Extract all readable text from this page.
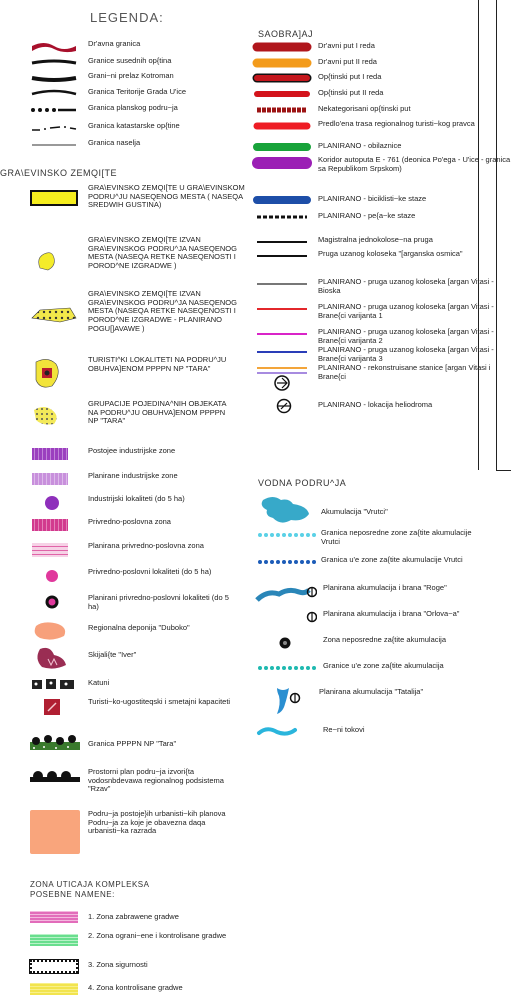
LEGENDA:
Dr'avna granica
Granice susednih op{tina
Grani~ni prelaz Kotroman
Granica Teritorije Grada U'ice
Granica planskog podru~ja
Granica katastarske op{tine
Granica naselja
GRA\EVINSKO ZEMQI[TE
GRA\EVINSKO ZEMQI[TE U GRA\EVINSKOM PODRU^JU NASEQENOG MESTA ( NASEQA SREDWIH GUSTINA)
GRA\EVINSKO ZEMQI[TE IZVAN GRA\EVINSKOG PODRU^JA NASEQENOG MESTA (NASEQA RETKE NASEQENOSTI I POROD^NE IZGRADWE )
GRA\EVINSKO ZEMQI[TE IZVAN GRA\EVINSKOG PODRU^JA NASEQENOG MESTA (NASEQA RETKE NASEQENOSTI I POROD^NE IZGRADWE - PLANIRANO POGU[]AVAWE )
TURISTI^KI LOKALITETI NA PODRU^JU OBUHVA]ENOM PPPPN NP "TARA"
GRUPACIJE POJEDINA^NIH OBJEKATA NA PODRU^JU OBUHVA]ENOM PPPPN NP "TARA"
Postojee industrijske zone
Planirane industrijske zone
Industrijski lokaliteti (do 5 ha)
Privredno-poslovna zona
Planirana privredno-poslovna zona
Privredno-poslovni lokaliteti (do 5 ha)
Planirani privredno-poslovni lokaliteti (do 5 ha)
Regionalna deponija "Duboko"
Skijali{te "Iver"
Katuni
Turisti~ko-ugostiteqski i smetajni kapaciteti
Granica PPPPN NP "Tara"
Prostorni plan podru~ja izvori{ta vodosnbdevawa regionalnog podsistema "Rzav"
Podru~ja postoje}ih urbanisti~kih planova Podru~ja za koje je obavezna daqa urbanisti~ka razrada
ZONA UTICAJA KOMPLEKSA
POSEBNE NAMENE:
1. Zona zabrawene gradwe
2. Zona ograni~ene i kontrolisane gradwe
3. Zona sigurnosti
4. Zona kontrolisane gradwe
SAOBRA]AJ
Dr'avni put I reda
Dr'avni put II reda
Op{tinski put I reda
Op{tinski put II reda
Nekategorisani op{tinski put
Predlo'ena trasa regionalnog turisti~kog pravca
PLANIRANO - obilaznice
Koridor autoputa E - 761 (deonica Po'ega - U'ice - granica sa Republikom Srpskom)
PLANIRANO - biciklisti~ke staze
PLANIRANO - pe{a~ke staze
Magistralna jednokolose~na pruga
Pruga uzanog koloseka "[arganska osmica"
PLANIRANO - pruga uzanog koloseka [argan Vitasi - Bioska
PLANIRANO - pruga uzanog koloseka [argan Vitasi - Brane{ci varijanta 1
PLANIRANO - pruga uzanog koloseka [argan Vitasi - Brane{ci varijanta 2
PLANIRANO - pruga uzanog koloseka [argan Vitasi - Brane{ci varijanta 3
PLANIRANO - rekonstruisane stanice [argan Vitasi i Brane{ci
PLANIRANO - lokacija heliodroma
VODNA PODRU^JA
Akumulacija "Vrutci"
Granica neposredne zone za{tite akumulacije Vrutci
Granica u'e zone za{tite akumulacije Vrutci
Planirana akumulacija i brana "Roge"
Planirana akumulacija i brana "Orlova~a"
Zona neposredne za{tite akumulacija
Granice u'e zone za{tite akumulacija
Planirana akumulacija "Tatalija"
Re~ni tokovi
